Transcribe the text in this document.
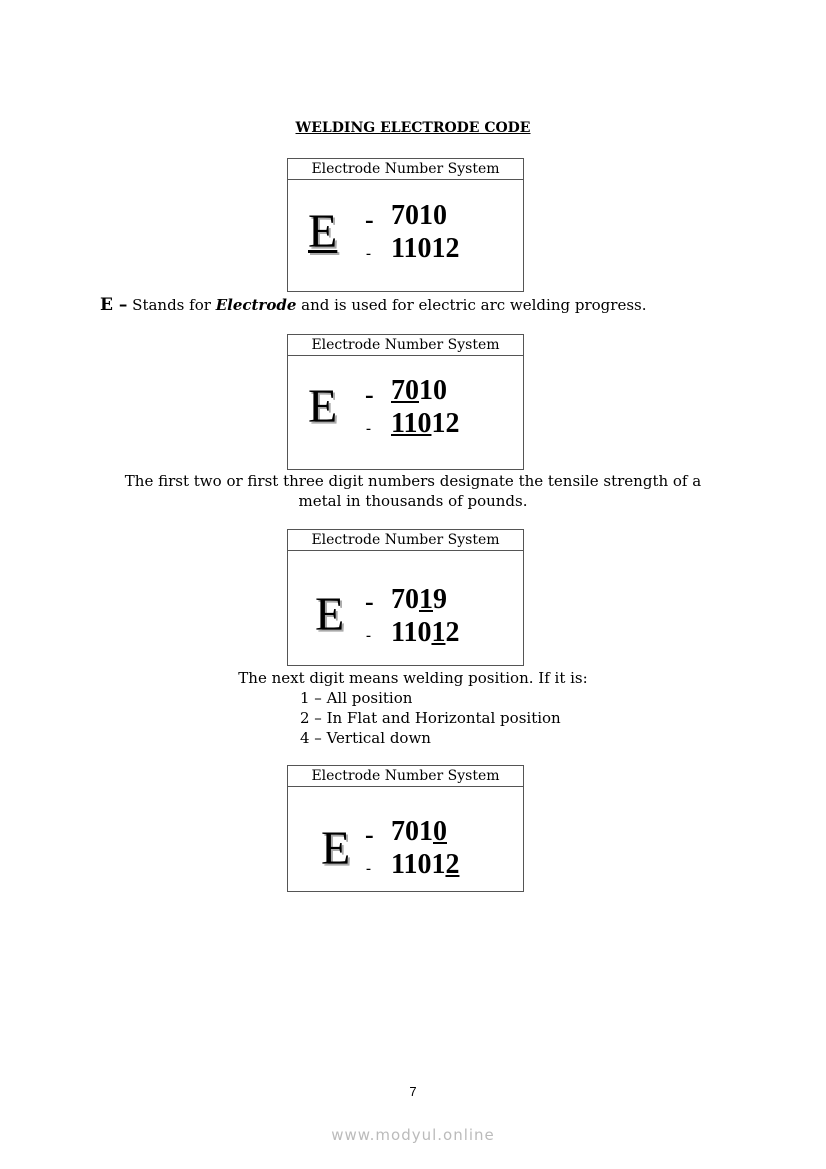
WELDING ELECTRODE CODE
Electrode Number System
E -
-
7010
11012
E – Stands for Electrode and is used for electric arc welding progress.
Electrode Number System
E -
-
7010
11012
The first two or first three digit numbers designate the tensile strength of a
metal in thousands of pounds.
Electrode Number System
E -
-
7019
11012
The next digit means welding position. If it is:
1 – All position
2 – In Flat and Horizontal position
4 – Vertical down
Electrode Number System
E -
-
7010
11012
7
www.modyul.online
